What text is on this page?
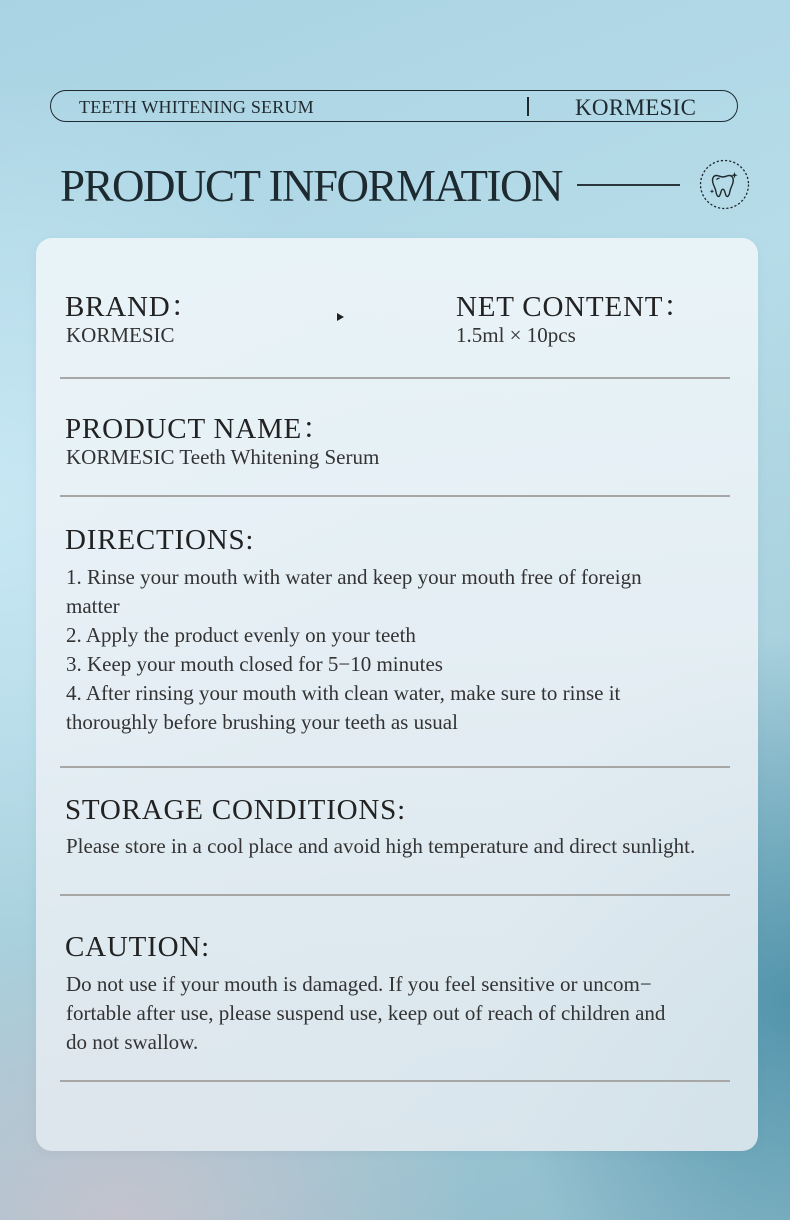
TEETH WHITENING SERUM	KORMESIC
PRODUCT INFORMATION
BRAND：
KORMESIC
NET CONTENT：
1.5ml × 10pcs
PRODUCT NAME：
KORMESIC Teeth Whitening Serum
DIRECTIONS:
1. Rinse your mouth with water and keep your mouth free of foreign
matter
2. Apply the product evenly on your teeth
3. Keep your mouth closed for 5−10 minutes
4. After rinsing your mouth with clean water, make sure to rinse it
thoroughly before brushing your teeth as usual
STORAGE CONDITIONS:
Please store in a cool place and avoid high temperature and direct sunlight.
CAUTION:
Do not use if your mouth is damaged. If you feel sensitive or uncom−
fortable after use, please suspend use, keep out of reach of children and
do not swallow.
